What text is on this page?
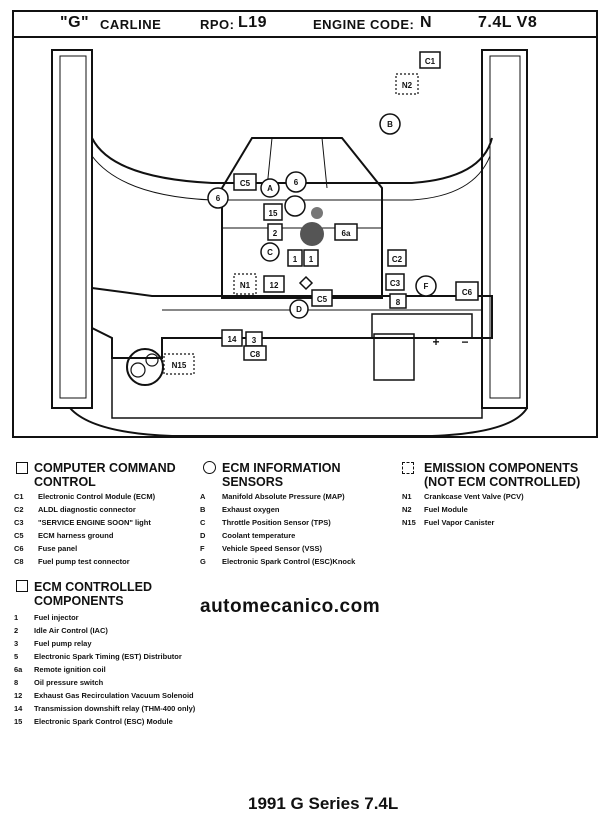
"G" CARLINE	RPO: L19	ENGINE CODE: N	7.4L V8
C1
N2
B
C5
A
6
6
15
2	6a
C
1 1	C2
C3
N1 12	F
C6
C5	8
D
14 3
C8
N15
+ −
COMPUTER COMMAND
CONTROL
C1	Electronic Control Module (ECM)
C2	ALDL diagnostic connector
C3	"SERVICE ENGINE SOON" light
C5	ECM harness ground
C6	Fuse panel
C8	Fuel pump test connector
ECM CONTROLLED
COMPONENTS
1	Fuel injector
2	Idle Air Control (IAC)
3	Fuel pump relay
5	Electronic Spark Timing (EST) Distributor
6a	Remote ignition coil
8	Oil pressure switch
12	Exhaust Gas Recirculation Vacuum Solenoid
14	Transmission downshift relay (THM-400 only)
15	Electronic Spark Control (ESC) Module
ECM INFORMATION
SENSORS
A	Manifold Absolute Pressure (MAP)
B	Exhaust oxygen
C	Throttle Position Sensor (TPS)
D	Coolant temperature
F	Vehicle Speed Sensor (VSS)
G	Electronic Spark Control (ESC)Knock
EMISSION COMPONENTS
(NOT ECM CONTROLLED)
N1	Crankcase Vent Valve (PCV)
N2	Fuel Module
N15	Fuel Vapor Canister
automecanico.com
1991 G Series 7.4L
